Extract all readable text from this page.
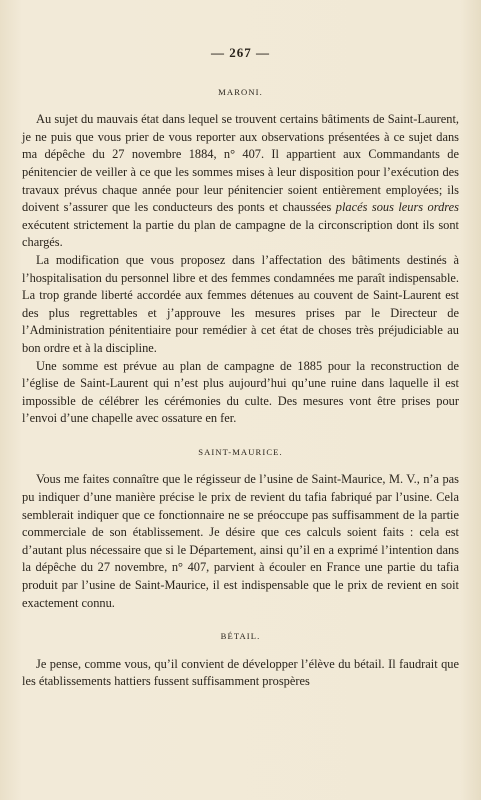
— 267 —
MARONI.

Au sujet du mauvais état dans lequel se trouvent certains bâtiments de Saint-Laurent, je ne puis que vous prier de vous reporter aux observations présentées à ce sujet dans ma dépêche du 27 novembre 1884, n° 407. Il appartient aux Commandants de pénitencier de veiller à ce que les sommes mises à leur disposition pour l’exécution des travaux prévus chaque année pour leur pénitencier soient entièrement employées; ils doivent s’assurer que les conducteurs des ponts et chaussées placés sous leurs ordres exécutent strictement la partie du plan de campagne de la circonscription dont ils sont chargés.

La modification que vous proposez dans l’affectation des bâtiments destinés à l’hospitalisation du personnel libre et des femmes condamnées me paraît indispensable. La trop grande liberté accordée aux femmes détenues au couvent de Saint-Laurent est des plus regrettables et j’approuve les mesures prises par le Directeur de l’Administration pénitentiaire pour remédier à cet état de choses très préjudiciable au bon ordre et à la discipline.

Une somme est prévue au plan de campagne de 1885 pour la reconstruction de l’église de Saint-Laurent qui n’est plus aujourd’hui qu’une ruine dans laquelle il est impossible de célébrer les cérémonies du culte. Des mesures vont être prises pour l’envoi d’une chapelle avec ossature en fer.

SAINT-MAURICE.

Vous me faites connaître que le régisseur de l’usine de Saint-Maurice, M. V., n’a pas pu indiquer d’une manière précise le prix de revient du tafia fabriqué par l’usine. Cela semblerait indiquer que ce fonctionnaire ne se préoccupe pas suffisamment de la partie commerciale de son établissement. Je désire que ces calculs soient faits : cela est d’autant plus nécessaire que si le Département, ainsi qu’il en a exprimé l’intention dans la dépêche du 27 novembre, n° 407, parvient à écouler en France une partie du tafia produit par l’usine de Saint-Maurice, il est indispensable que le prix de revient en soit exactement connu.

BÉTAIL.

Je pense, comme vous, qu’il convient de développer l’élève du bétail. Il faudrait que les établissements hattiers fussent suffisamment prospères
